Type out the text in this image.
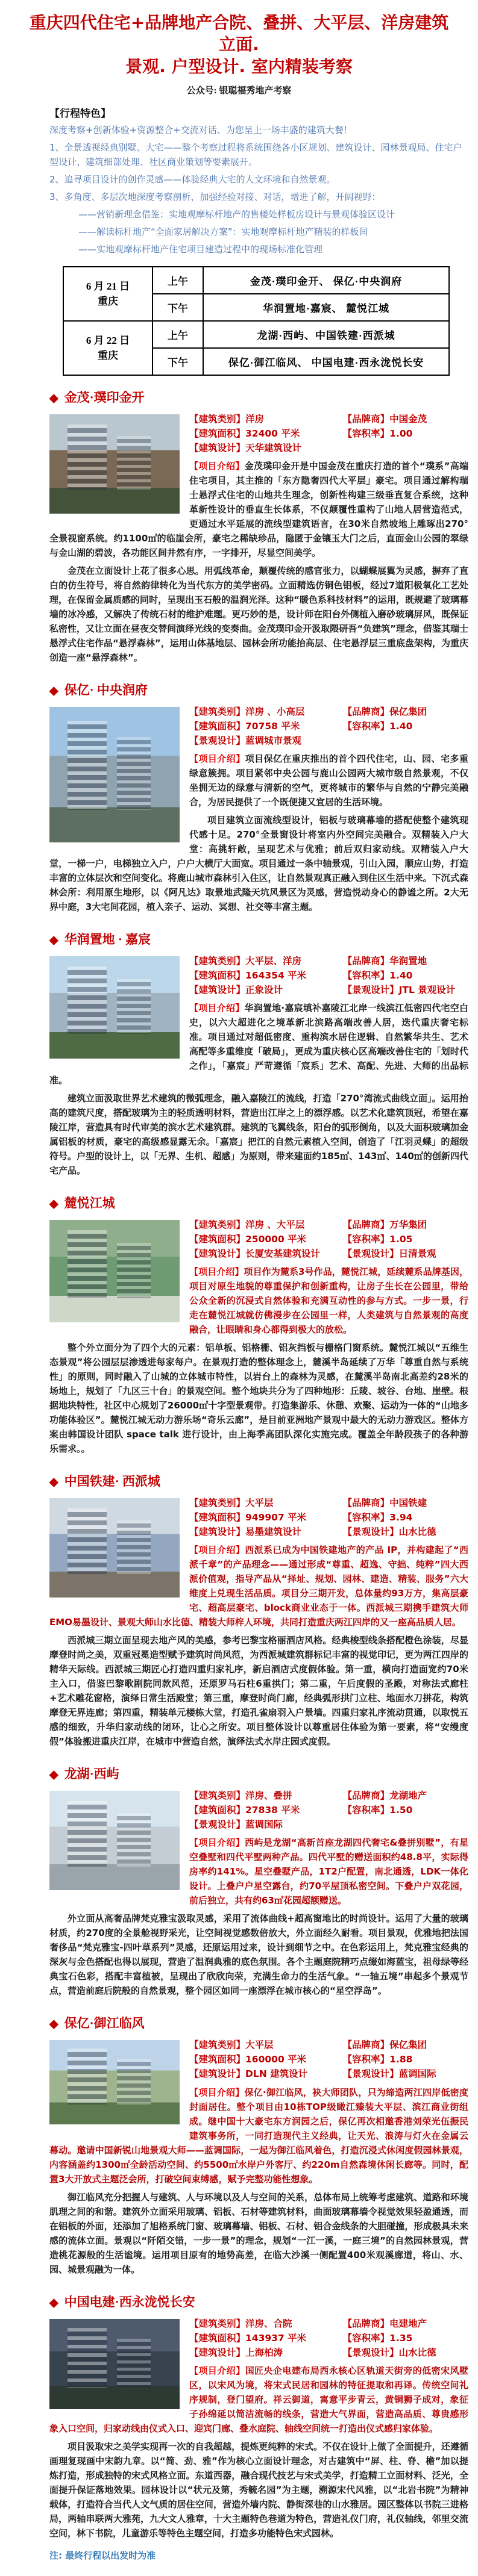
重庆四代住宅+品牌地产合院、叠拼、大平层、洋房建筑立面.
景观. 户型设计. 室内精装考察
公众号: 银聪福秀地产考察
【行程特色】

深度考察+创新体验+资源整合+交流对话、为您呈上一场丰盛的建筑大餐！

1、全景透视经典别墅、大宅——整个考察过程将系统围绕各小区规划、建筑设计、园林景观局、住宅户型设计、建筑细部处理、社区商业策划等要素展开。

2、追寻项目设计的创作灵感——体验经典大宅的人文环境和自然景观。

3、多角度、多层次地深度考察剖析，加强经验对接、对话，增进了解，开阔视野：

——营销新理念借鉴：实地观摩标杆地产的售楼处样板房设计与景观体验区设计

——解读标杆地产“全面家居解决方案”：实地观摩标杆地产精装的样板间

——实地观摩标杆地产住宅项目建造过程中的现场标准化管理

6 月 21 日
重庆	上午	金茂·璞印金开、 保亿·中央润府
	下午	华润置地·嘉宸、 麓悦江城

6 月 22 日
重庆	上午	龙湖·西屿、中国铁建·西派城
	下午	保亿·御江临风、 中国电建·西永泷悦长安
◆ 金茂·璞印金开
【建筑类别】洋房	【品牌商】中国金茂
【建筑面积】32400 平米	【容积率】1.00
【建筑设计】天华建筑设计

【项目介绍】金茂璞印金开是中国金茂在重庆打造的首个“璞系”高端住宅项目，其主推的「东方隐奢四代大平层」豪宅。项目通过解构瑞士悬浮式住宅的山地共生理念，创新性构建三级垂直复合系统，这种革新性设计的垂直生长体系，不仅颠覆性重构了山地人居营造范式，更通过水平延展的流线型建筑语言，在30米自然坡地上雕琢出270°全景视窗系统。约1100㎡的临崖会所，豪宅之稀缺珍品，隐匿于金镶玉大门之后，直面金山公园的翠绿与金山湖的碧波，各功能区间井然有序，一字排开，尽显空间美学。

金茂在立面设计上花了很多心思。用弧线革命，颠覆传统的感官张力，以蝴蝶展翼为灵感，摒弃了直白的仿生符号，将自然韵律转化为当代东方的美学密码。立面精选仿铜色铝板，经过7道阳极氧化工艺处理，在保留金属质感的同时，呈现出玉石般的温润光泽。这种“暖色系科技材料”的运用，既规避了玻璃幕墙的冰冷感，又解决了传统石材的维护难题。更巧妙的是，设计师在阳台外侧植入磨砂玻璃屏风，既保证私密性，又让立面在昼夜交替间演绎光线的变奏曲。金茂璞印金开汲取隈研吾“负建筑”理念，借鉴其瑞士悬浮式住宅作品“悬浮森林”，运用山体基地层、园林会所功能抬高层、住宅悬浮层三重底盘架构，为重庆创造一座“悬浮森林”。

◆ 保亿· 中央润府
【建筑类别】洋房 、小高层	【品牌商】保亿集团
【建筑面积】70758 平米	【容积率】1.40
【景观设计】蓝调城市景观

【项目介绍】项目保亿在重庆推出的首个四代住宅，山、园、宅多重绿意簇拥。项目紧邻中央公园与鹿山公园两大城市级自然景观，不仅坐拥无边的绿意与清新的空气，更将城市的繁华与自然的宁静完美融合，为居民提供了一个既便捷又宜居的生活环境。

项目建筑立面流线型设计，铝板与玻璃幕墙的搭配使整个建筑现代感十足。270°全景窗设计将室内外空间完美融合。双精装入户大堂：高挑轩敞，呈现艺术与优雅；前后双归家动线。双精装入户大堂，一梯一户，电梯独立入户，户户大横厅大面宽。项目通过一条中轴景观，引山入园，顺应山势，打造丰富的立体层次和空间变化。将鹿山城市森林引入住区，让自然景观真正融入到住区生活中来。下沉式森林会所：利用原生地形，以《阿凡达》取景地武隆天坑风景区为灵感，营造悦动身心的静谧之所。2大无界中庭，3大宅间花园，植入亲子、运动、冥想、社交等丰富主题。

◆ 华润置地 · 嘉宸
【建筑类别】大平层、洋房	【品牌商】华润置地
【建筑面积】164354 平米	【容积率】1.40
【建筑设计】正象设计	【景观设计】JTL 景观设计

【项目介绍】华润置地·嘉宸填补嘉陵江北岸一线滨江低密四代宅空白史，以六大超进化之境革新北滨路高端改善人居，迭代重庆奢宅标准。项目通过对超低密度、重构滨水居住逻辑、自然繁华共生、艺术高配等多重维度「破局」，更成为重庆核心区高端改善住宅的「划时代之作」，「嘉宸」严苛遵循「宸系」艺术、高配、先进、大师的出品标准。

建筑立面汲取世界艺术建筑的微弧理念，融入嘉陵江的流线，打造「270°湾流式曲线立面」。运用抬高的建筑尺度，搭配玻璃为主的轻质透明材料，营造出江岸之上的漂浮感。以艺术化建筑顶冠，希望在嘉陵江岸，营造具有时代审美的滨水艺术建筑群。建筑的飞翼线条，阳台的弧形倒角，以及大面积玻璃加金属铝板的材质，豪宅的高级感显露无余。「嘉宸」把江的自然元素植入空间，创造了「江羽灵蝶」的超级符号。户型的设计上，以「无界、生机、超感」为原则，带来建面约185㎡、143㎡、140㎡的创新四代宅产品。

◆ 麓悦江城
【建筑类别】洋房 、大平层	【品牌商】万华集团
【建筑面积】250000 平米	【容积率】1.05
【建筑设计】长厦安基建筑设计	【景观设计】日清景观

【项目介绍】项目作为麓系3号作品，麓悦江城，延续麓系品牌基因，项目对原生地貌的尊重保护和创新重构，让房子生长在公园里，带给公众全新的沉浸式自然体验和充满互动性的参与方式。一步一景，行走在麓悦江城就仿佛漫步在公园里一样，人类建筑与自然景观的高度融合，让眼睛和身心都得到极大的放松。

整个外立面分为了四个大的元素：铝单板、铝格栅、铝灰挡板与栅格门窗系统。麓悦江城以“五维生态景观”将公园层层渗透进每家每户。在景观打造的整体理念上，麓溪半岛延续了万华「尊重自然与系统性」的原则，同时融入了山城的立体城市特性，以岩台上的森林为灵感，在麓溪半岛南北高差约28米的场地上，规划了「九区三十台」的景观空间。整个地块共分为了四种地形：丘陵、坡谷、台地、崖壁。根据地块特性，社区中心规划了26000㎡十字型景观带。打造集游乐、休憩、欢聚、运动为一体的“山地多功能体验区”。麓悦江城无动力游乐场“奇乐云廊”，是目前亚洲地产景观中最大的无动力游戏区。整体方案由韩国设计团队 space talk 进行设计，由上海季高团队深化实施完成。覆盖全年龄段孩子的各种游乐需求。。

◆ 中国铁建· 西派城
【建筑类别】大平层	【品牌商】中国铁建
【建筑面积】949907 平米	【容积率】3.94
【建筑设计】易墨建筑设计	【景观设计】山水比德

【项目介绍】西派系已成为中国铁建地产的产品 IP，并构建起了“西派千章”的产品理念——通过形成“尊重、超逸、守拙、纯粹”四大西派价值观，指导产品从“择址、规划、园林、建造、精装、服务”六大维度上兑现生活品质。项目分三期开发，总体量约93万方，集高层豪宅、超高层豪宅、block商业业态于一体。西派城三期携手建筑大师EMO易墨设计、景观大师山水比德、精装大师梓人环境，共同打造重庆两江四岸的又一座高品质人居。

西派城三期立面呈现去地产风的美感，参考巴黎宝格丽酒店风格。经典梭型线条搭配橙色涂装，尽显摩登时尚之美，双重冠冕造型赋予建筑时尚风范，为西派城建筑群标记丰富的视觉印记，更为两江四岸的精华天际线。西派城三期匠心打造四重归家礼序，新启酒店式度假体验。第一重，横向打造面宽约70米主入口，借鉴巴黎歌剧院同款风范，还原罗马石柱6重拱门；第二重，午后度假的圣殿，对称法式廊柱+艺术雕花窗格，演绎日常生活殿堂；第三重，摩登时尚门廊，经典弧形拱门立柱、地面水刀拼花，构筑摩登无界连廊；第四重，精装单元楼栋大堂，打造孔雀扇羽入户景墙。四重归家礼序流动贯通，以取悦五感的细致，升华归家动线的闭环，让心之所安。项目整体设计以尊重居住体验为第一要素，将“安缦度假”体验搬进重庆江岸，在城市中营造自然，演绎法式水岸庄园式度假。

◆ 龙湖·西屿
【建筑类别】洋房、叠拼	【品牌商】龙湖地产
【建筑面积】27838 平米	【容积率】1.50
【景观设计】蓝调国际

【项目介绍】西屿是龙湖“高新首座龙湖四代奢宅&叠拼别墅”，有星空叠墅和四代平墅两种产品。四代平墅的赠送面积约48.8平，实际得房率约141%。星空叠墅产品，1T2户配置，南北通透，LDK一体化设计。上叠户户星空露台，约70平屋顶私密空间。下叠户户双花园，前后独立，共有约63㎡花园超额赠送。

外立面从高奢品牌梵克雅宝汲取灵感，采用了流体曲线+超高窗地比的时尚设计。运用了大量的玻璃材质，约270度的全景舱视野采光，让空间视觉感数倍放大，外立面经久耐看。项目景观，优雅地把法国奢侈品“梵克雅宝-四叶草系列”灵感，还原运用过来，设计到细节之中。在色彩运用上，梵克雅宝经典的深灰与金色搭配也得以展现，营造了温润典雅的底色氛围。各个主题庭院精巧点缀如海蓝宝，祖母绿等经典宝石色彩，搭配丰富植被，呈现出了欣欣向荣，充满生命力的生活气象。“一轴五境”串起多个景观节点，营造前庭后院般的自然景观，整个园区如同一座漂浮在城市核心的“星空浮岛”。

◆ 保亿·御江临风
【建筑类别】大平层	【品牌商】保亿集团
【建筑面积】160000 平米	【容积率】1.88
【建筑设计】DLN 建筑设计	【景观设计】蓝调国际

【项目介绍】保亿·御江临风，袂大师团队，只为缔造两江四岸低密度封面居住。整个项目由10栋TOP级瞰江臻装大平层、滨江商业街组成。继中国十大豪宅东方润园之后，保亿再次相邀香港刘荣光伍振民建筑事务所，一同打造现代主义经典，让天光、浪涛与灯火在金属云幕动。邀请中国新锐山地景观大师——蓝调国际，一起为御江临风着色，打造沉浸式休闲度假园林景观，内容涵盖约1300㎡全龄活动空间、约5500㎡水岸户外客厅、约220m自然森境休闲长廊等。同时，配置3大开放式主题泛会所，打破空间束缚感，赋予完整功能性想象。

御江临风充分把握人与建筑、人与环境以及人与空间的关系，总体布局上统筹考虑建筑、道路和环境肌理之间的和谐。建筑外立面采用玻璃、铝板、石材等建筑材料，曲面玻璃幕墙令视觉效果轻盈通透，而在铝板的外面，还添加了旭格系统门窗、玻璃幕墙、铝板、石材、铝合金线条的大胆碰撞，形成极具未来感的流体立面。景观以“阡陌交错，一步一景”的理念，规划“一江一溪，一庭三境”的自然园林景观，营造桃花源般的生活谧境。运用项目原有的地势高差，在临大沙溪一侧配置400米观溪廊道，将山、水、园、城景观融为一体。

◆ 中国电建·西永泷悦长安
【建筑类别】洋房、合院	【品牌商】电建地产
【建筑面积】143937 平米	【容积率】1.35
【建筑设计】上海柏涛	【景观设计】山水比德

【项目介绍】国匠央企电建布局西永核心区轨道天街旁的低密宋风墅区，以宋风为境，将宋式民居和园林的特征提取和再译。传统空间礼序规制，登门望府。祥云御道，寓意平步青云，黄铜狮子成对，象征子孙绵延以简洁流畅的线条，营造大气界面，营造高品质、尊贵感形象入口空间，归家动线由仪式入口、迎宾门廊、叠水庭院、轴线空间统一打造出仪式感归家体验。

项目汲取宋之美学实现再一次的自我超越，提炼更纯粹的宋式。不仅在设计上做了全面提升，还遵循画理复现画中宋韵九章。以“简、劲、雅”作为核心立面设计理念，对古建筑中“屏、柱、脊、檐”加以提炼打造，形成独特的宋式风格立面。东道西器，融合现代技艺与宋式美学，打造精工立面材料、泛光，全面提升保证落地效果。园林设计以“状元及第，秀毓名园”为主题，溯源宋代风雅，以“北岩书院”为精神载体，打造符合当代人文气质的居住空间，营造外墙内院、静街深巷的山水雅居。园区整体以书院三进格局，两轴串联两大雅苑，九大文人雅章，十大主题特色巷道为特色，营造礼仪门府，礼仪轴线，邻里交流空间，林下书院，儿童游乐等特色主题空间，打造多功能特色宋式园林。

注: 最终行程以出发时为准
